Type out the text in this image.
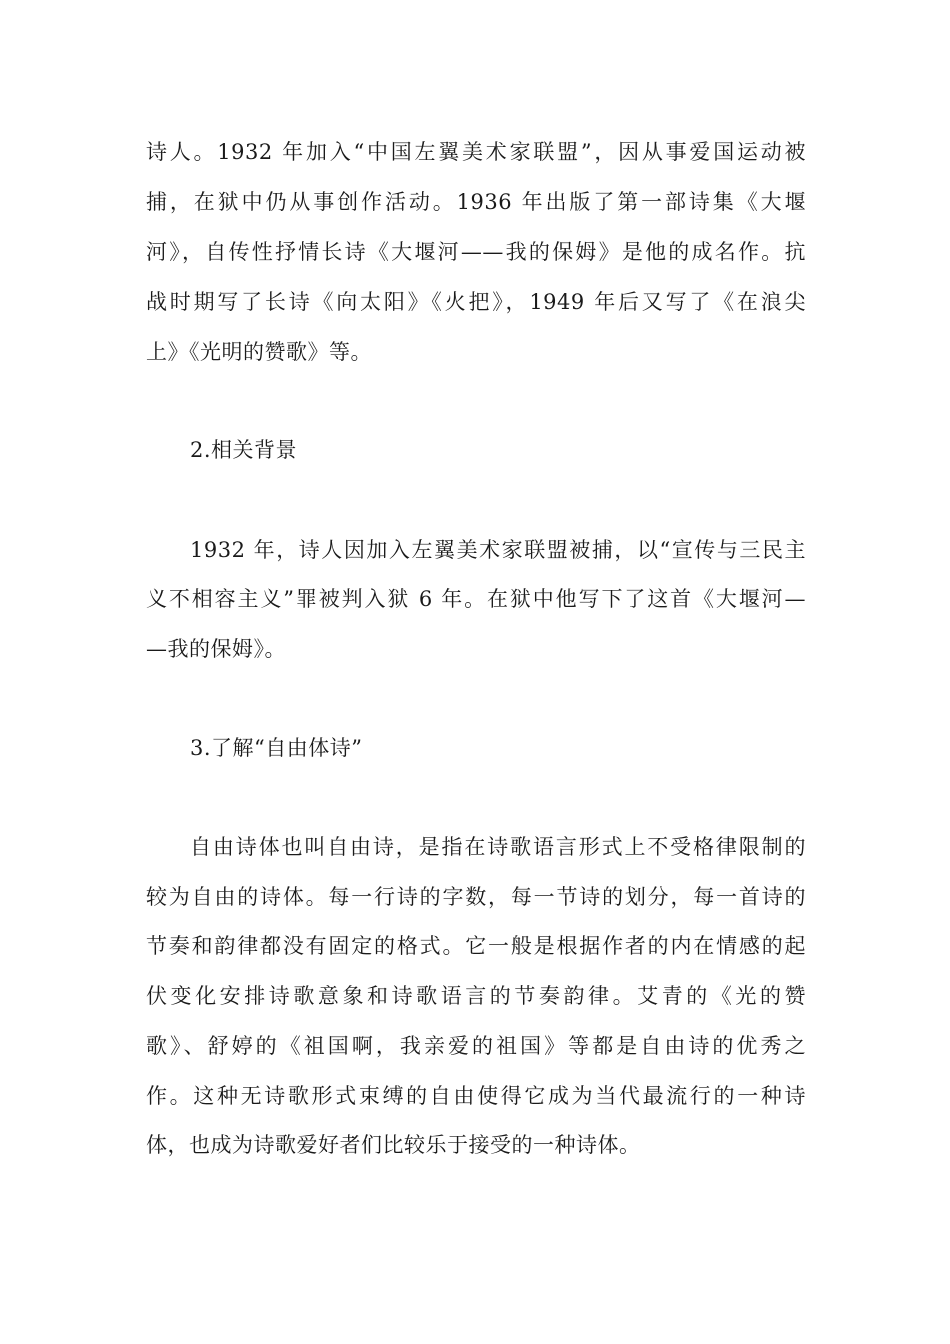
诗人。1932 年加入“中国左翼美术家联盟”，因从事爱国运动被
捕，在狱中仍从事创作活动。1936 年出版了第一部诗集《大堰
河》，自传性抒情长诗《大堰河——我的保姆》是他的成名作。抗
战时期写了长诗《向太阳》《火把》，1949 年后又写了《在浪尖
上》《光明的赞歌》等。
2.相关背景
1932 年，诗人因加入左翼美术家联盟被捕，以“宣传与三民主
义不相容主义”罪被判入狱 6 年。在狱中他写下了这首《大堰河—
—我的保姆》。
3.了解“自由体诗”
自由诗体也叫自由诗，是指在诗歌语言形式上不受格律限制的
较为自由的诗体。每一行诗的字数，每一节诗的划分，每一首诗的
节奏和韵律都没有固定的格式。它一般是根据作者的内在情感的起
伏变化安排诗歌意象和诗歌语言的节奏韵律。艾青的《光的赞
歌》、舒婷的《祖国啊，我亲爱的祖国》等都是自由诗的优秀之
作。这种无诗歌形式束缚的自由使得它成为当代最流行的一种诗
体，也成为诗歌爱好者们比较乐于接受的一种诗体。
